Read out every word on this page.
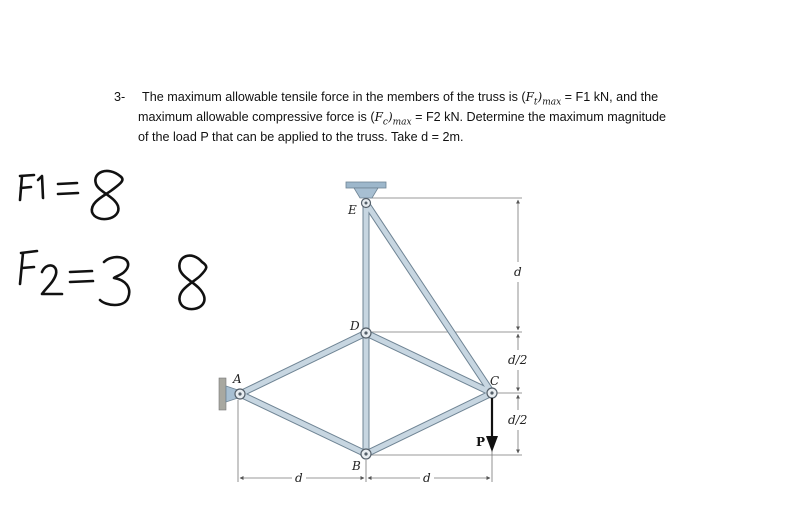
3- The maximum allowable tensile force in the members of the truss is $(F_t)_{max} = F1$ kN, and the
maximum allowable compressive force is $(F_c)_{max} = F2$ kN. Determine the maximum magnitude
of the load P that can be applied to the truss. Take d = 2m.
E
D
A
B
C
P
d
d/2
d/2
d	d
